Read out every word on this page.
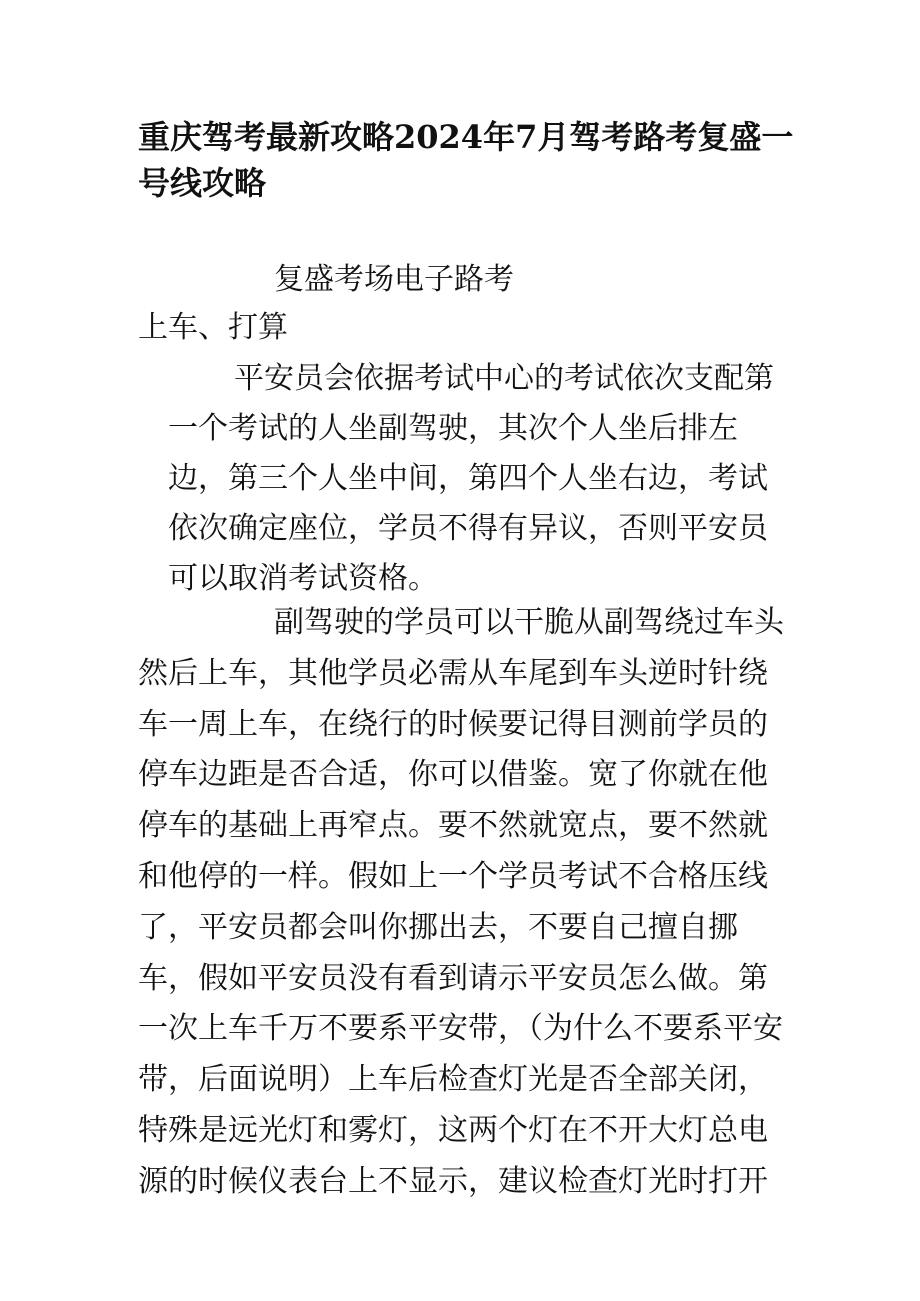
重庆驾考最新攻略2024年7月驾考路考复盛一号线攻略

复盛考场电子路考

上车、打算

平安员会依据考试中心的考试依次支配第一个考试的人坐副驾驶，其次个人坐后排左边，第三个人坐中间，第四个人坐右边，考试依次确定座位，学员不得有异议，否则平安员可以取消考试资格。

副驾驶的学员可以干脆从副驾绕过车头然后上车，其他学员必需从车尾到车头逆时针绕车一周上车，在绕行的时候要记得目测前学员的停车边距是否合适，你可以借鉴。宽了你就在他停车的基础上再窄点。要不然就宽点，要不然就和他停的一样。假如上一个学员考试不合格压线了，平安员都会叫你挪出去，不要自己擅自挪车，假如平安员没有看到请示平安员怎么做。第一次上车千万不要系平安带，（为什么不要系平安带，后面说明）上车后检查灯光是否全部关闭，特殊是远光灯和雾灯，这两个灯在不开大灯总电源的时候仪表台上不显示，建议检查灯光时打开
